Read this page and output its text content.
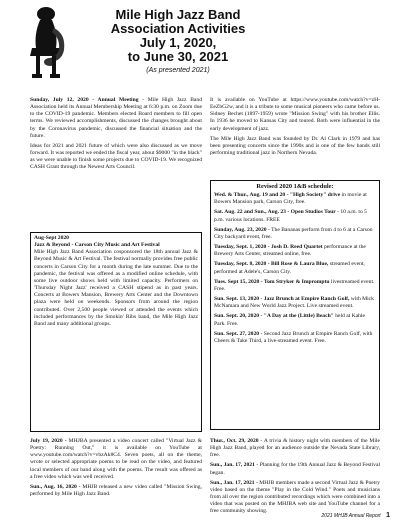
Mile High Jazz Band
Association Activities
July 1, 2020,
to June 30, 2021
(As presented 2021)

Sunday, July 12, 2020 - Annual Meeting - Mile High Jazz Band Association held its Annual Membership Meeting at 6:30 p.m. on Zoom due to the COVID-19 pandemic. Members elected Board members to fill open terms. We reviewed accomplishments, discussed the changes brought about by the Coronavirus pandemic, discussed the financial situation and the future.

Ideas for 2021 and 2021 future of which were also discussed as we move forward. It was reported we ended the fiscal year, about $9000 "in the black" as we were unable to finish some projects due to COVID-19. We recognized CASH Grant through the Newest Arts Council.

Aug-Sept 2020
Jazz & Beyond - Carson City Music and Art Festival

Mile High Jazz Band Association cosponsored the 18th annual Jazz & Beyond Music & Art Festival. The festival normally provides free public concerts in Carson City for a month during the late summer. Due to the pandemic, the festival was offered as a modified online schedule, with some live outdoor shows held with limited capacity. Performers on 'Thursday Night Jazz' received a CASH stipend as in past years. Concerts at Bowers Mansion, Brewery Arts Center and the Downtown plaza were held on weekends. Sponsors from around the region contributed. Over 2,500 people viewed or attended the events which included performances by the Smokin' Ribs band, the Mile High Jazz Band and many additional groups.

July 19, 2020 - MHJBA presented a video concert called "Virtual Jazz & Poetry: Running Out," it is available on YouTube at www.youtube.com/watch?v=vbzAk8C4. Seven poets, all on the theme, wrote or selected appropriate poems to be read on the video, and featured local members of our band along with the poems. The result was offered as a free video which was well received.

Sun., Aug. 16, 2020 - MHJB released a new video called "Mission Swing, performed by Mile High Jazz Band.

It is available on YouTube at https://www.youtube.com/watch?v=zH-EeZbG2w, and it is a tribute to some musical pioneers who came before us. Sidney Bechet (1897-1959) wrote "Mission Swing" with his brother Ellis. In 1936 he moved to Kansas City and toured. Both were influential in the early development of jazz.

The Mile High Jazz Band was founded by Dr. Al Clark in 1979 and has been presenting concerts since the 1990s and is one of the few bands still performing traditional jazz in Northern Nevada.

Revised 2020 1&B schedule:
Wed. & Thur., Aug. 19 and 20 - "High Society" drive in movie at Bowers Mansion park, Carson City, free.
Sat. Aug. 22 and Sun., Aug. 23 - Open Studios Tour - 10 a.m. to 5 p.m. various locations. FREE
Sunday, Aug. 23, 2020 - The Bananas perform from 4 to 6 at a Carson City backyard event, free.
Tuesday, Sept. 1, 2020 - Josh D. Reed Quartet performance at the Brewery Arts Center, streamed online, free.
Tuesday, Sept. 8, 2020 - Bill Rose & Laura Blue, streamed event, performed at Adele's, Carson City.
Tues. Sept 15, 2020 - Tom Stryker & Impromptu livestreamed event. Free.
Sun. Sept. 13, 2020 - Jazz Brunch at Empire Ranch Golf, with Mick McNamara and New World Jazz Project. Live streamed event.
Sun. Sept. 20, 2020 - "A Day at the (Little) Beach" held at Kahle Park. Free.
Sun. Sept. 27, 2020 - Second Jazz Brunch at Empire Ranch Golf, with Cheers & Take Third, a live-streamed event. Free.

Thur., Oct. 29, 2020 - A trivia & history night with members of the Mile High Jazz Band, played for an audience outside the Nevada State Library, free.

Sun., Jan. 17, 2021 - Planning for the 19th Annual Jazz & Beyond Festival began.

Sun., Jan. 17, 2021 - MHJB members made a second Virtual Jazz & Poetry video based on the theme "Play in the Cold Wind." Poets and musicians from all over the region contributed recordings which were combined into a video that was posted on the MHJBA web site and YouTube channel for a free community showing.

2021 MHJB Annual Report 1
